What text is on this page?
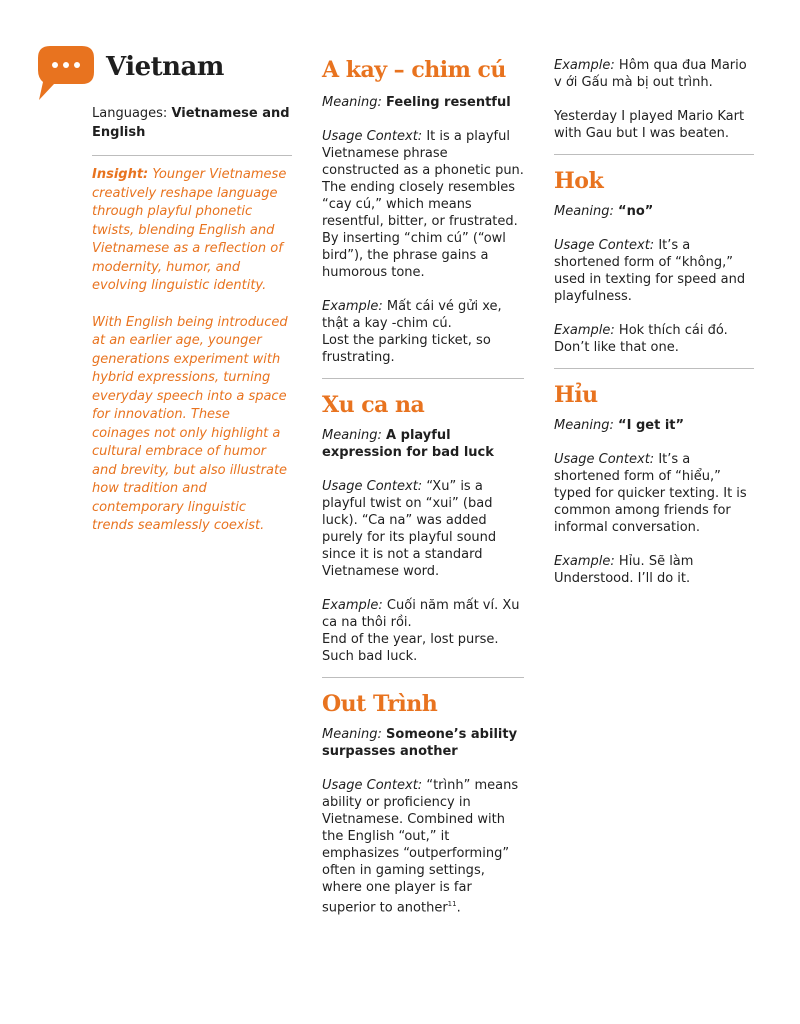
Vietnam
Languages: Vietnamese and English

Insight: Younger Vietnamese creatively reshape language through playful phonetic twists, blending English and Vietnamese as a reflection of modernity, humor, and evolving linguistic identity.

With English being introduced at an earlier age, younger generations experiment with hybrid expressions, turning everyday speech into a space for innovation. These coinages not only highlight a cultural embrace of humor and brevity, but also illustrate how tradition and contemporary linguistic trends seamlessly coexist.

A kay – chim cú
Meaning: Feeling resentful
Usage Context: It is a playful Vietnamese phrase constructed as a phonetic pun. The ending closely resembles “cay cú,” which means resentful, bitter, or frustrated. By inserting “chim cú” (“owl bird”), the phrase gains a humorous tone.
Example: Mất cái vé gửi xe, thật a kay -chim cú.
Lost the parking ticket, so frustrating.
Xu ca na
Meaning: A playful expression for bad luck
Usage Context: “Xu” is a playful twist on “xui” (bad luck). “Ca na” was added purely for its playful sound since it is not a standard Vietnamese word.
Example: Cuối năm mất ví. Xu ca na thôi rồi.
End of the year, lost purse. Such bad luck.
Out Trình
Meaning: Someone’s ability surpasses another
Usage Context: “trình” means ability or proficiency in Vietnamese. Combined with the English “out,” it emphasizes “outperforming” often in gaming settings, where one player is far superior to another$^{11}$.
Example: Hôm qua đua Mario v ới Gấu mà bị out trình.
Yesterday I played Mario Kart with Gau but I was beaten.
Hok
Meaning: “no”
Usage Context: It’s a shortened form of “không,” used in texting for speed and playfulness.
Example: Hok thích cái đó.
Don’t like that one.
Hỉu
Meaning: “I get it”
Usage Context: It’s a shortened form of “hiểu,” typed for quicker texting. It is common among friends for informal conversation.
Example: Hỉu. Sẽ làm
Understood. I’ll do it.
